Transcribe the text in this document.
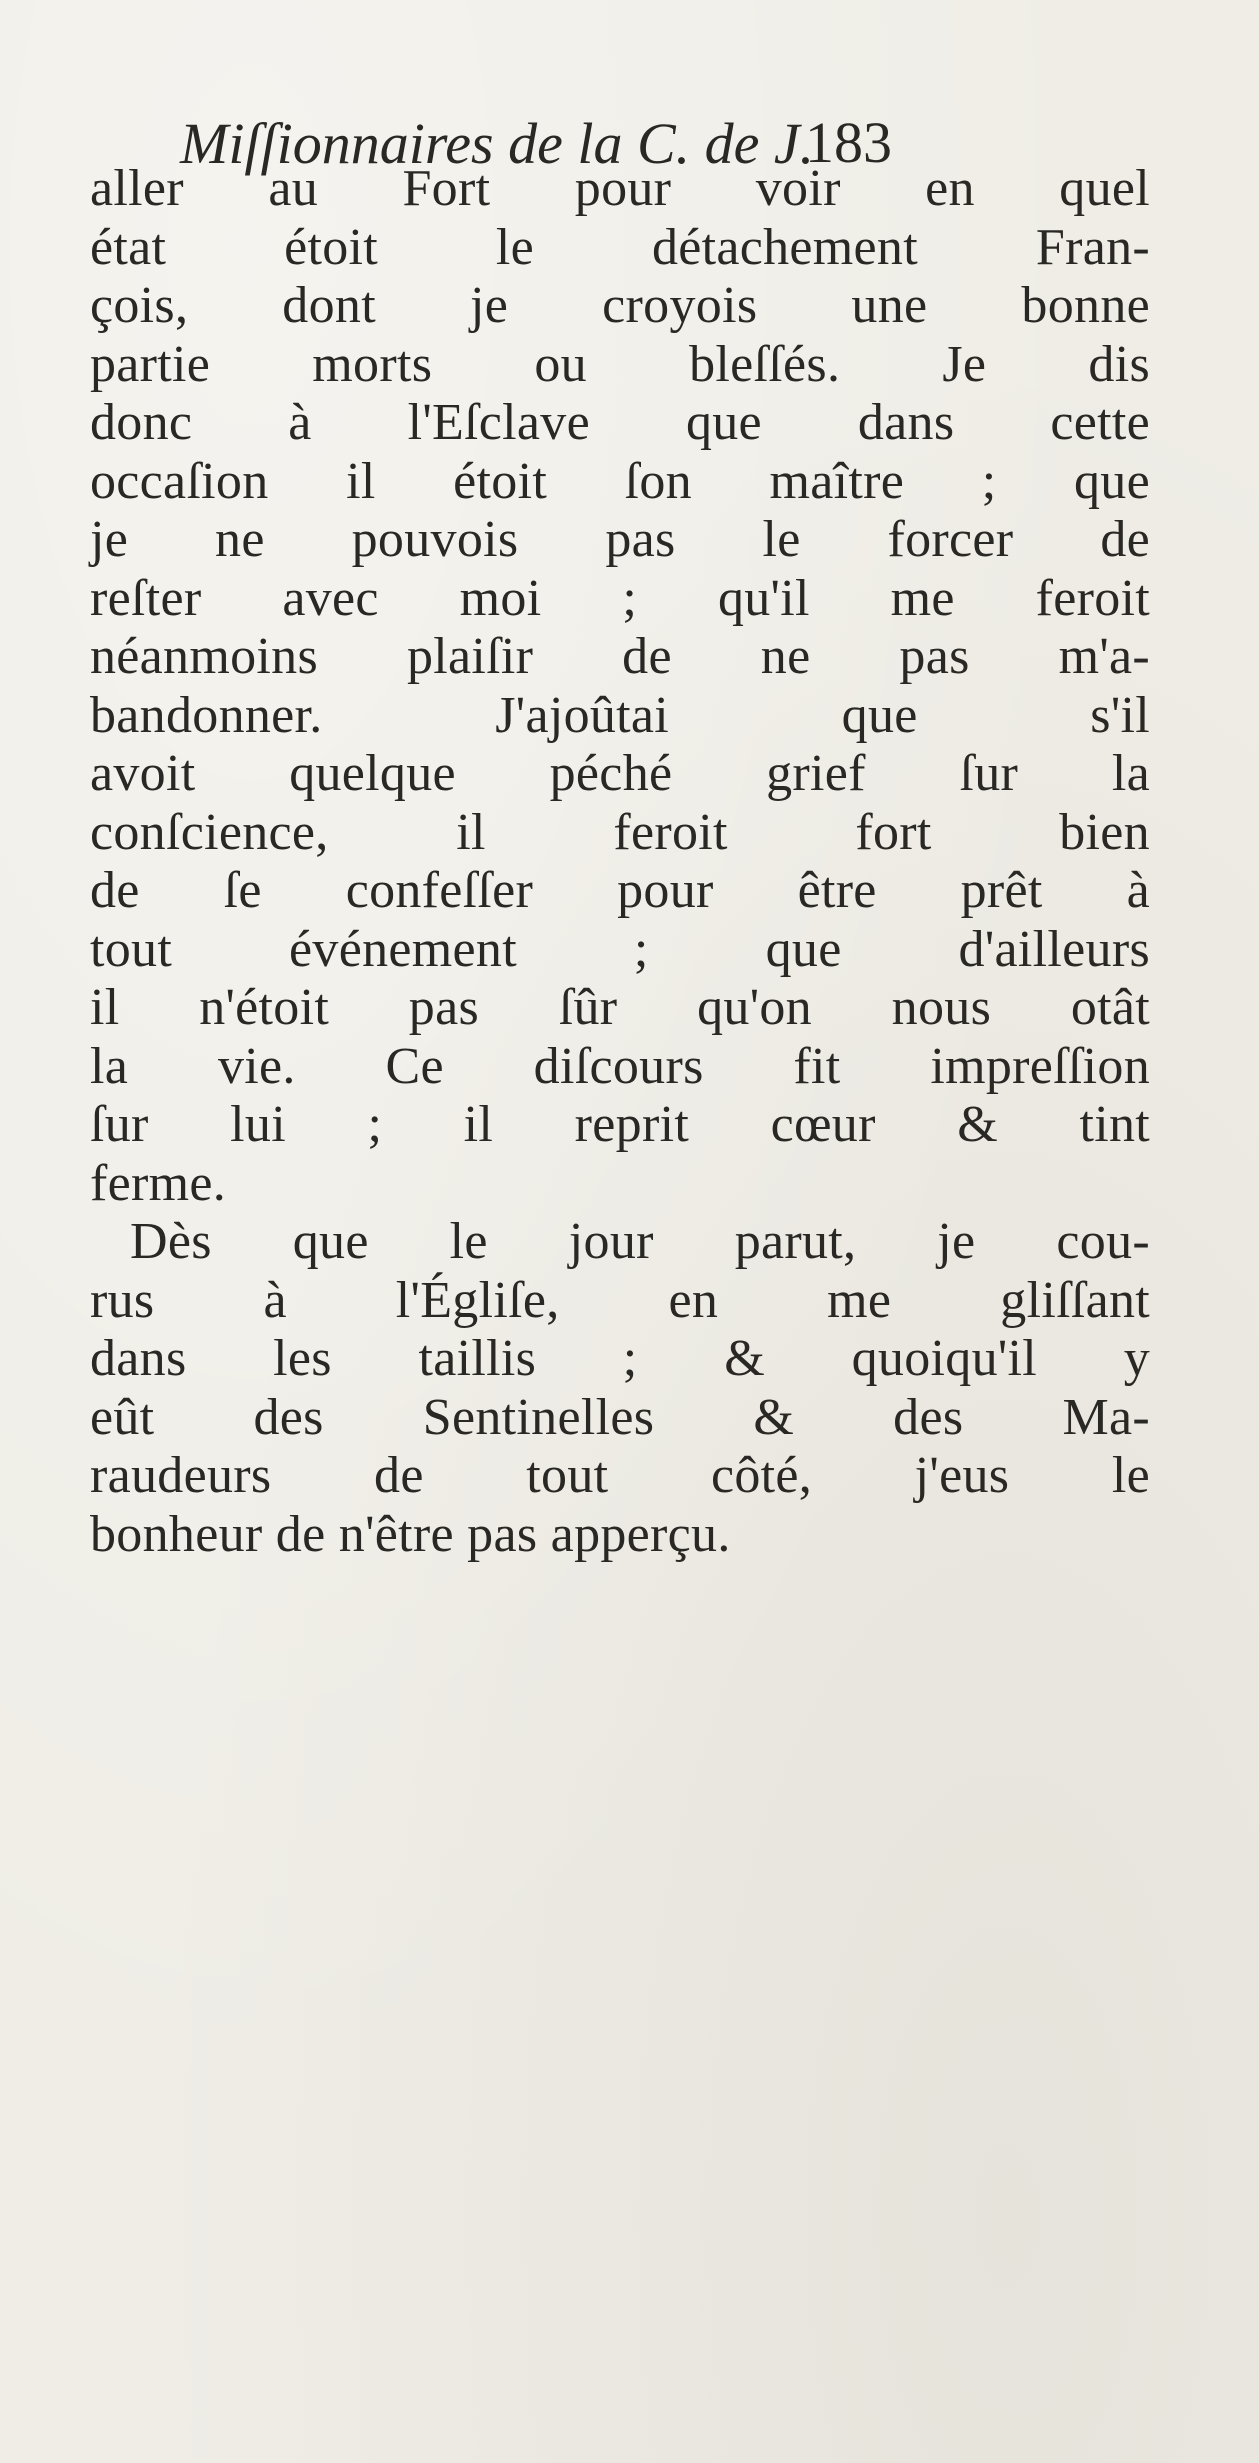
Miſſionnaires de la C. de J.
183
aller au Fort pour voir en quel
état étoit le détachement Fran-
çois, dont je croyois une bonne
partie morts ou bleſſés. Je dis
donc à l'Eſclave que dans cette
occaſion il étoit ſon maître ; que
je ne pouvois pas le forcer de
reſter avec moi ; qu'il me feroit
néanmoins plaiſir de ne pas m'a-
bandonner. J'ajoûtai que s'il
avoit quelque péché grief ſur la
conſcience, il feroit fort bien
de ſe confeſſer pour être prêt à
tout événement ; que d'ailleurs
il n'étoit pas ſûr qu'on nous otât
la vie. Ce diſcours fit impreſſion
ſur lui ; il reprit cœur & tint
ferme.
Dès que le jour parut, je cou-
rus à l'Égliſe, en me gliſſant
dans les taillis ; & quoiqu'il y
eût des Sentinelles & des Ma-
raudeurs de tout côté, j'eus le
bonheur de n'être pas apperçu.
